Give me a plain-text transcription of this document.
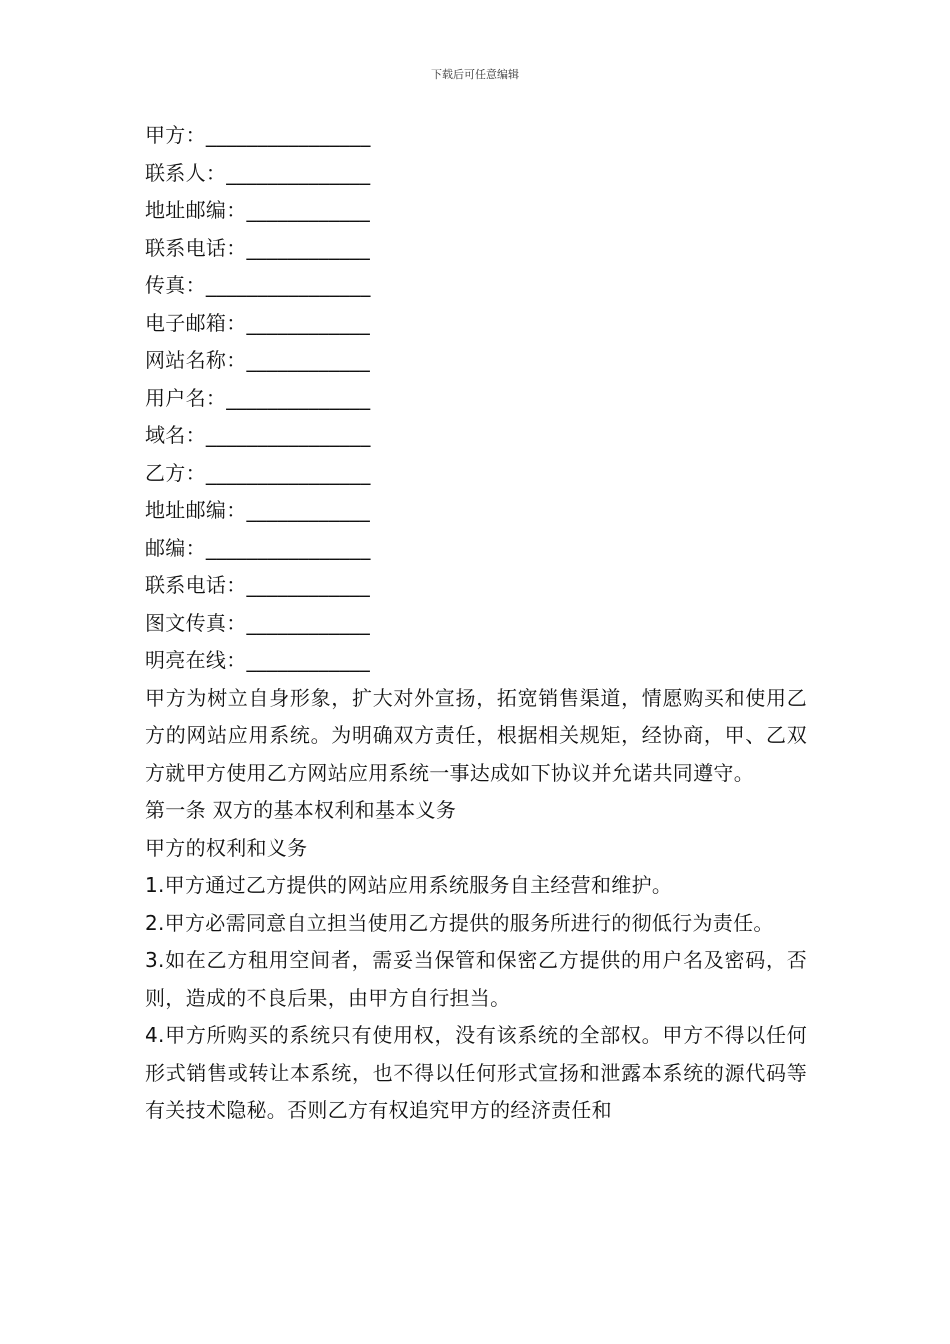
下载后可任意编辑
甲方：________________
联系人：______________
地址邮编：____________
联系电话：____________
传真：________________
电子邮箱：____________
网站名称：____________
用户名：______________
域名：________________
乙方：________________
地址邮编：____________
邮编：________________
联系电话：____________
图文传真：____________
明亮在线：____________
甲方为树立自身形象，扩大对外宣扬，拓宽销售渠道，情愿购买和使用乙方的网站应用系统。为明确双方责任，根据相关规矩，经协商，甲、乙双方就甲方使用乙方网站应用系统一事达成如下协议并允诺共同遵守。
第一条 双方的基本权利和基本义务
甲方的权利和义务
1.甲方通过乙方提供的网站应用系统服务自主经营和维护。
2.甲方必需同意自立担当使用乙方提供的服务所进行的彻低行为责任。
3.如在乙方租用空间者，需妥当保管和保密乙方提供的用户名及密码，否则，造成的不良后果，由甲方自行担当。
4.甲方所购买的系统只有使用权，没有该系统的全部权。甲方不得以任何形式销售或转让本系统，也不得以任何形式宣扬和泄露本系统的源代码等有关技术隐秘。否则乙方有权追究甲方的经济责任和
